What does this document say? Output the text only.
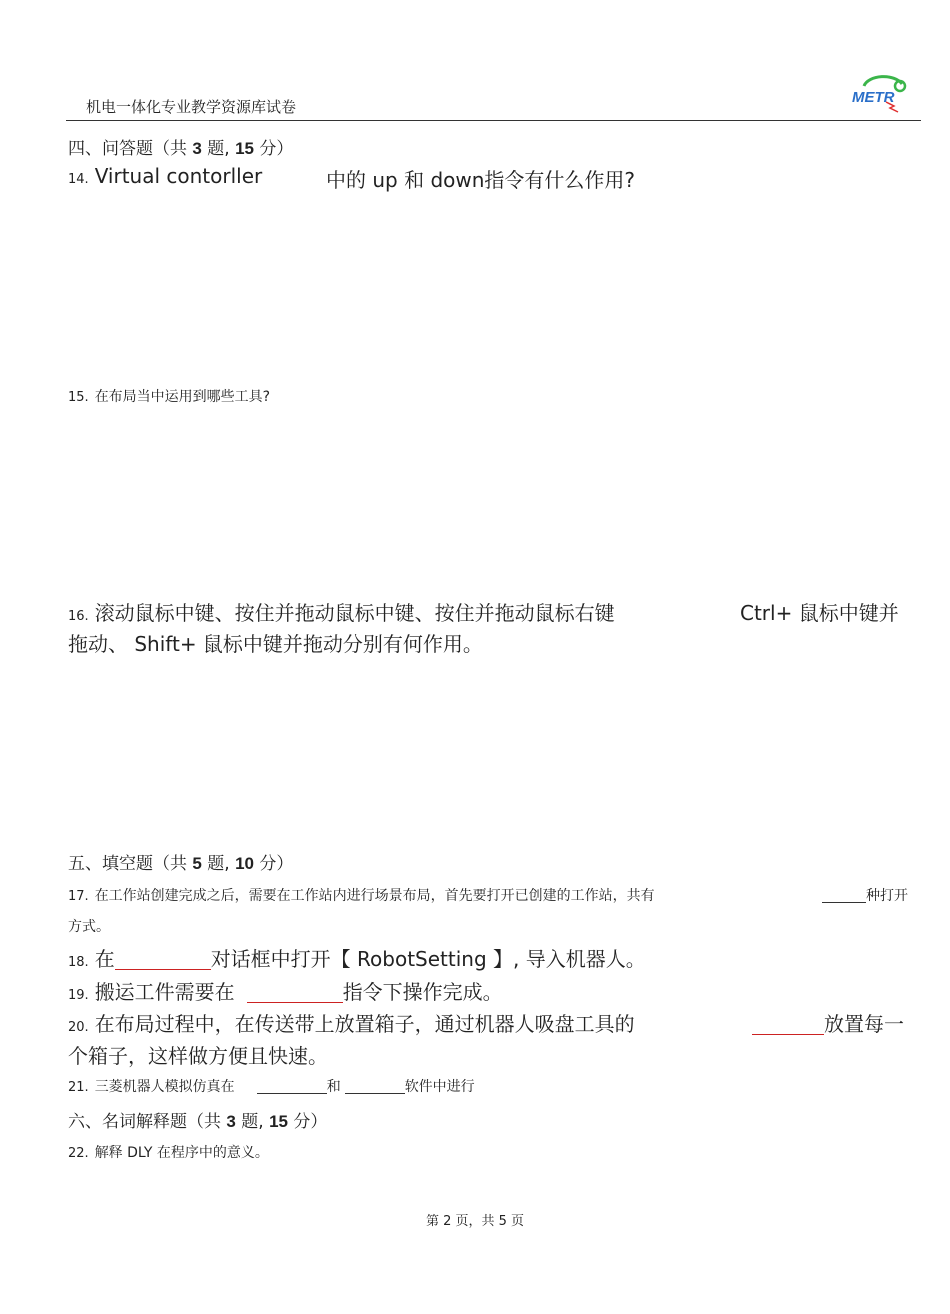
机电一体化专业教学资源库试卷
METR
四、问答题（共 3 题, 15 分）
14. Virtual contorller	中的 up 和 down指令有什么作用?
15. 在布局当中运用到哪些工具?
16. 滚动鼠标中键、按住并拖动鼠标中键、按住并拖动鼠标右键	Ctrl+ 鼠标中键并
拖动、 Shift+ 鼠标中键并拖动分别有何作用。
五、填空题（共 5 题, 10 分）
17. 在工作站创建完成之后，需要在工作站内进行场景布局，首先要打开已创建的工作站，共有	种打开
方式。
18. 在	对话框中打开【 RobotSetting 】, 导入机器人。
19. 搬运工件需要在	指令下操作完成。
20. 在布局过程中，在传送带上放置箱子，通过机器人吸盘工具的	放置每一
个箱子，这样做方便且快速。
21. 三菱机器人模拟仿真在	和	软件中进行
六、名词解释题（共 3 题, 15 分）
22. 解释 DLY 在程序中的意义。
第 2 页，共 5 页
